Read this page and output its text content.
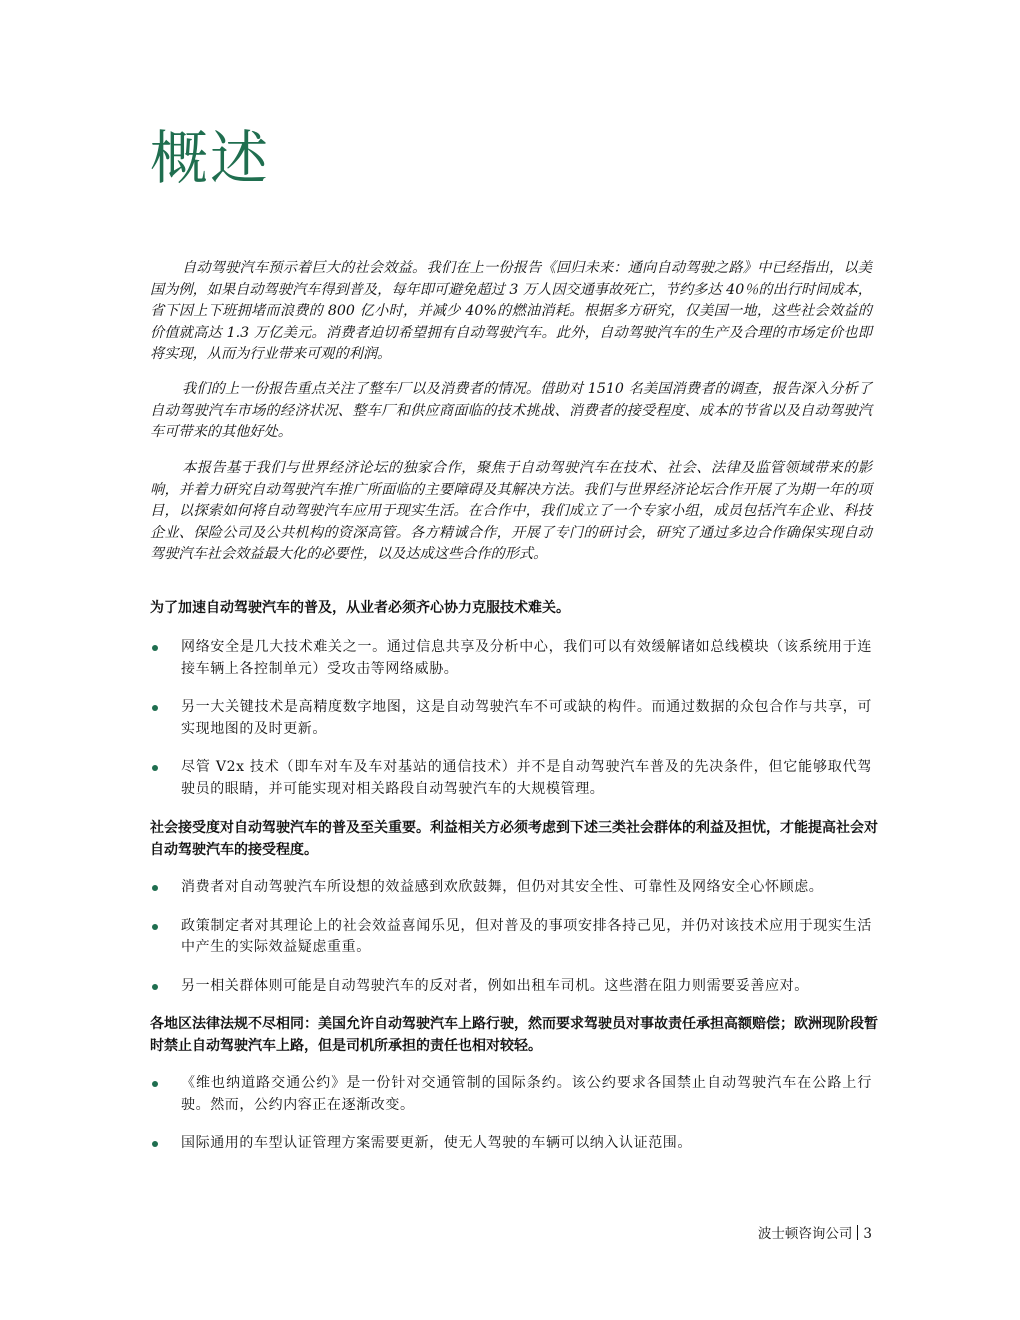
概述

自动驾驶汽车预示着巨大的社会效益。我们在上一份报告《回归未来：通向自动驾驶之路》中已经指出，以美国为例，如果自动驾驶汽车得到普及，每年即可避免超过 3 万人因交通事故死亡，节约多达 40％的出行时间成本，省下因上下班拥堵而浪费的 800 亿小时，并减少 40%的燃油消耗。根据多方研究，仅美国一地，这些社会效益的价值就高达 1.3 万亿美元。消费者迫切希望拥有自动驾驶汽车。此外，自动驾驶汽车的生产及合理的市场定价也即将实现，从而为行业带来可观的利润。

我们的上一份报告重点关注了整车厂以及消费者的情况。借助对 1510 名美国消费者的调查，报告深入分析了自动驾驶汽车市场的经济状况、整车厂和供应商面临的技术挑战、消费者的接受程度、成本的节省以及自动驾驶汽车可带来的其他好处。

本报告基于我们与世界经济论坛的独家合作，聚焦于自动驾驶汽车在技术、社会、法律及监管领域带来的影响，并着力研究自动驾驶汽车推广所面临的主要障碍及其解决方法。我们与世界经济论坛合作开展了为期一年的项目，以探索如何将自动驾驶汽车应用于现实生活。在合作中，我们成立了一个专家小组，成员包括汽车企业、科技企业、保险公司及公共机构的资深高管。各方精诚合作，开展了专门的研讨会，研究了通过多边合作确保实现自动驾驶汽车社会效益最大化的必要性，以及达成这些合作的形式。

为了加速自动驾驶汽车的普及，从业者必须齐心协力克服技术难关。

网络安全是几大技术难关之一。通过信息共享及分析中心，我们可以有效缓解诸如总线模块（该系统用于连接车辆上各控制单元）受攻击等网络威胁。
另一大关键技术是高精度数字地图，这是自动驾驶汽车不可或缺的构件。而通过数据的众包合作与共享，可实现地图的及时更新。
尽管 V2x 技术（即车对车及车对基站的通信技术）并不是自动驾驶汽车普及的先决条件，但它能够取代驾驶员的眼睛，并可能实现对相关路段自动驾驶汽车的大规模管理。

社会接受度对自动驾驶汽车的普及至关重要。利益相关方必须考虑到下述三类社会群体的利益及担忧，才能提高社会对自动驾驶汽车的接受程度。

消费者对自动驾驶汽车所设想的效益感到欢欣鼓舞，但仍对其安全性、可靠性及网络安全心怀顾虑。
政策制定者对其理论上的社会效益喜闻乐见，但对普及的事项安排各持己见，并仍对该技术应用于现实生活中产生的实际效益疑虑重重。
另一相关群体则可能是自动驾驶汽车的反对者，例如出租车司机。这些潜在阻力则需要妥善应对。

各地区法律法规不尽相同：美国允许自动驾驶汽车上路行驶，然而要求驾驶员对事故责任承担高额赔偿；欧洲现阶段暂时禁止自动驾驶汽车上路，但是司机所承担的责任也相对较轻。

《维也纳道路交通公约》是一份针对交通管制的国际条约。该公约要求各国禁止自动驾驶汽车在公路上行驶。然而，公约内容正在逐渐改变。
国际通用的车型认证管理方案需要更新，使无人驾驶的车辆可以纳入认证范围。
波士顿咨询公司 3
